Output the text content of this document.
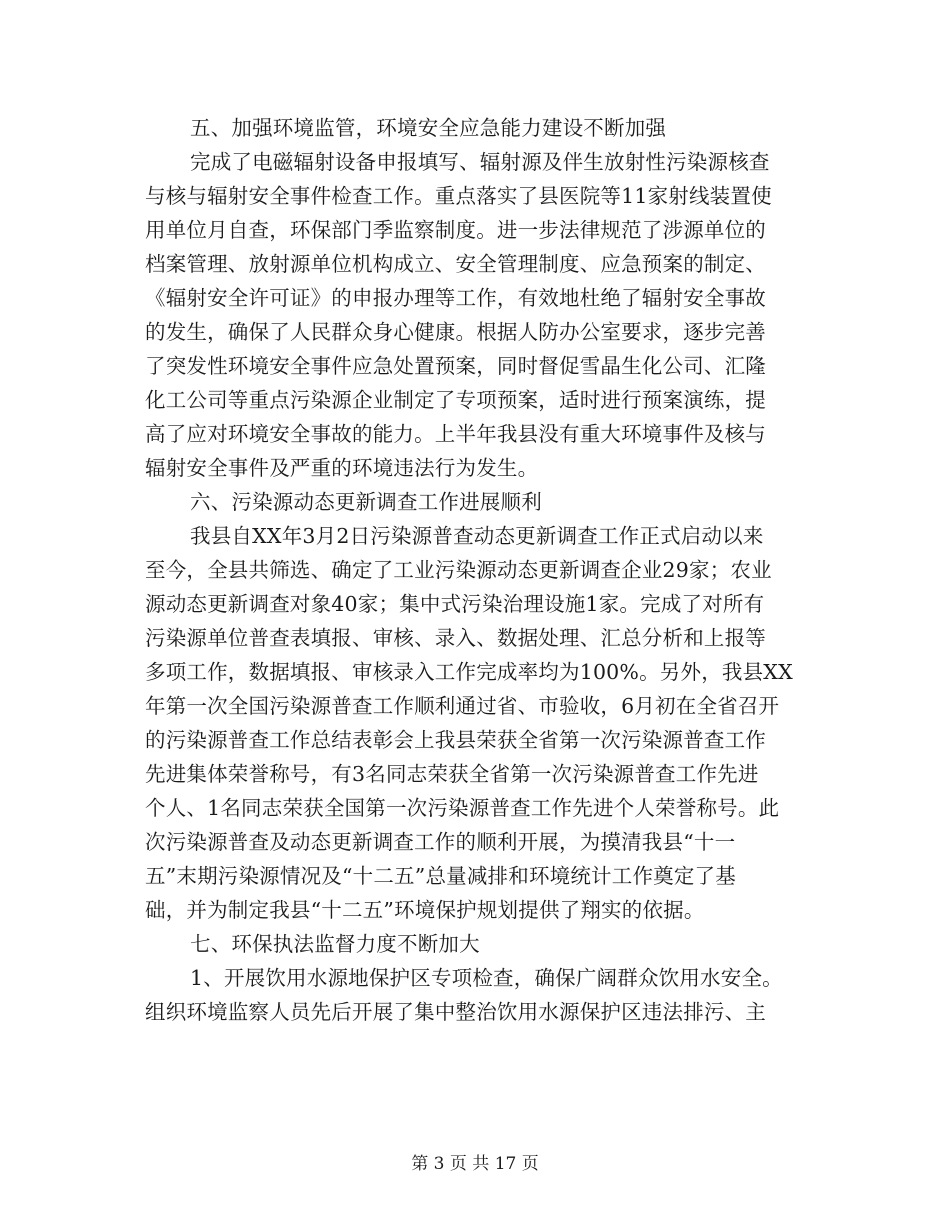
五、加强环境监管，环境安全应急能力建设不断加强
完成了电磁辐射设备申报填写、辐射源及伴生放射性污染源核查
与核与辐射安全事件检查工作。重点落实了县医院等11家射线装置使
用单位月自查，环保部门季监察制度。进一步法律规范了涉源单位的
档案管理、放射源单位机构成立、安全管理制度、应急预案的制定、
《辐射安全许可证》的申报办理等工作，有效地杜绝了辐射安全事故
的发生，确保了人民群众身心健康。根据人防办公室要求，逐步完善
了突发性环境安全事件应急处置预案，同时督促雪晶生化公司、汇隆
化工公司等重点污染源企业制定了专项预案，适时进行预案演练，提
高了应对环境安全事故的能力。上半年我县没有重大环境事件及核与
辐射安全事件及严重的环境违法行为发生。
六、污染源动态更新调查工作进展顺利
我县自XX年3月2日污染源普查动态更新调查工作正式启动以来
至今，全县共筛选、确定了工业污染源动态更新调查企业29家；农业
源动态更新调查对象40家；集中式污染治理设施1家。完成了对所有
污染源单位普查表填报、审核、录入、数据处理、汇总分析和上报等
多项工作，数据填报、审核录入工作完成率均为100%。另外，我县XX
年第一次全国污染源普查工作顺利通过省、市验收，6月初在全省召开
的污染源普查工作总结表彰会上我县荣获全省第一次污染源普查工作
先进集体荣誉称号，有3名同志荣获全省第一次污染源普查工作先进
个人、1名同志荣获全国第一次污染源普查工作先进个人荣誉称号。此
次污染源普查及动态更新调查工作的顺利开展，为摸清我县“十一
五”末期污染源情况及“十二五”总量减排和环境统计工作奠定了基
础，并为制定我县“十二五”环境保护规划提供了翔实的依据。
七、环保执法监督力度不断加大
1、开展饮用水源地保护区专项检查，确保广阔群众饮用水安全。
组织环境监察人员先后开展了集中整治饮用水源保护区违法排污、主
第 3 页 共 17 页
